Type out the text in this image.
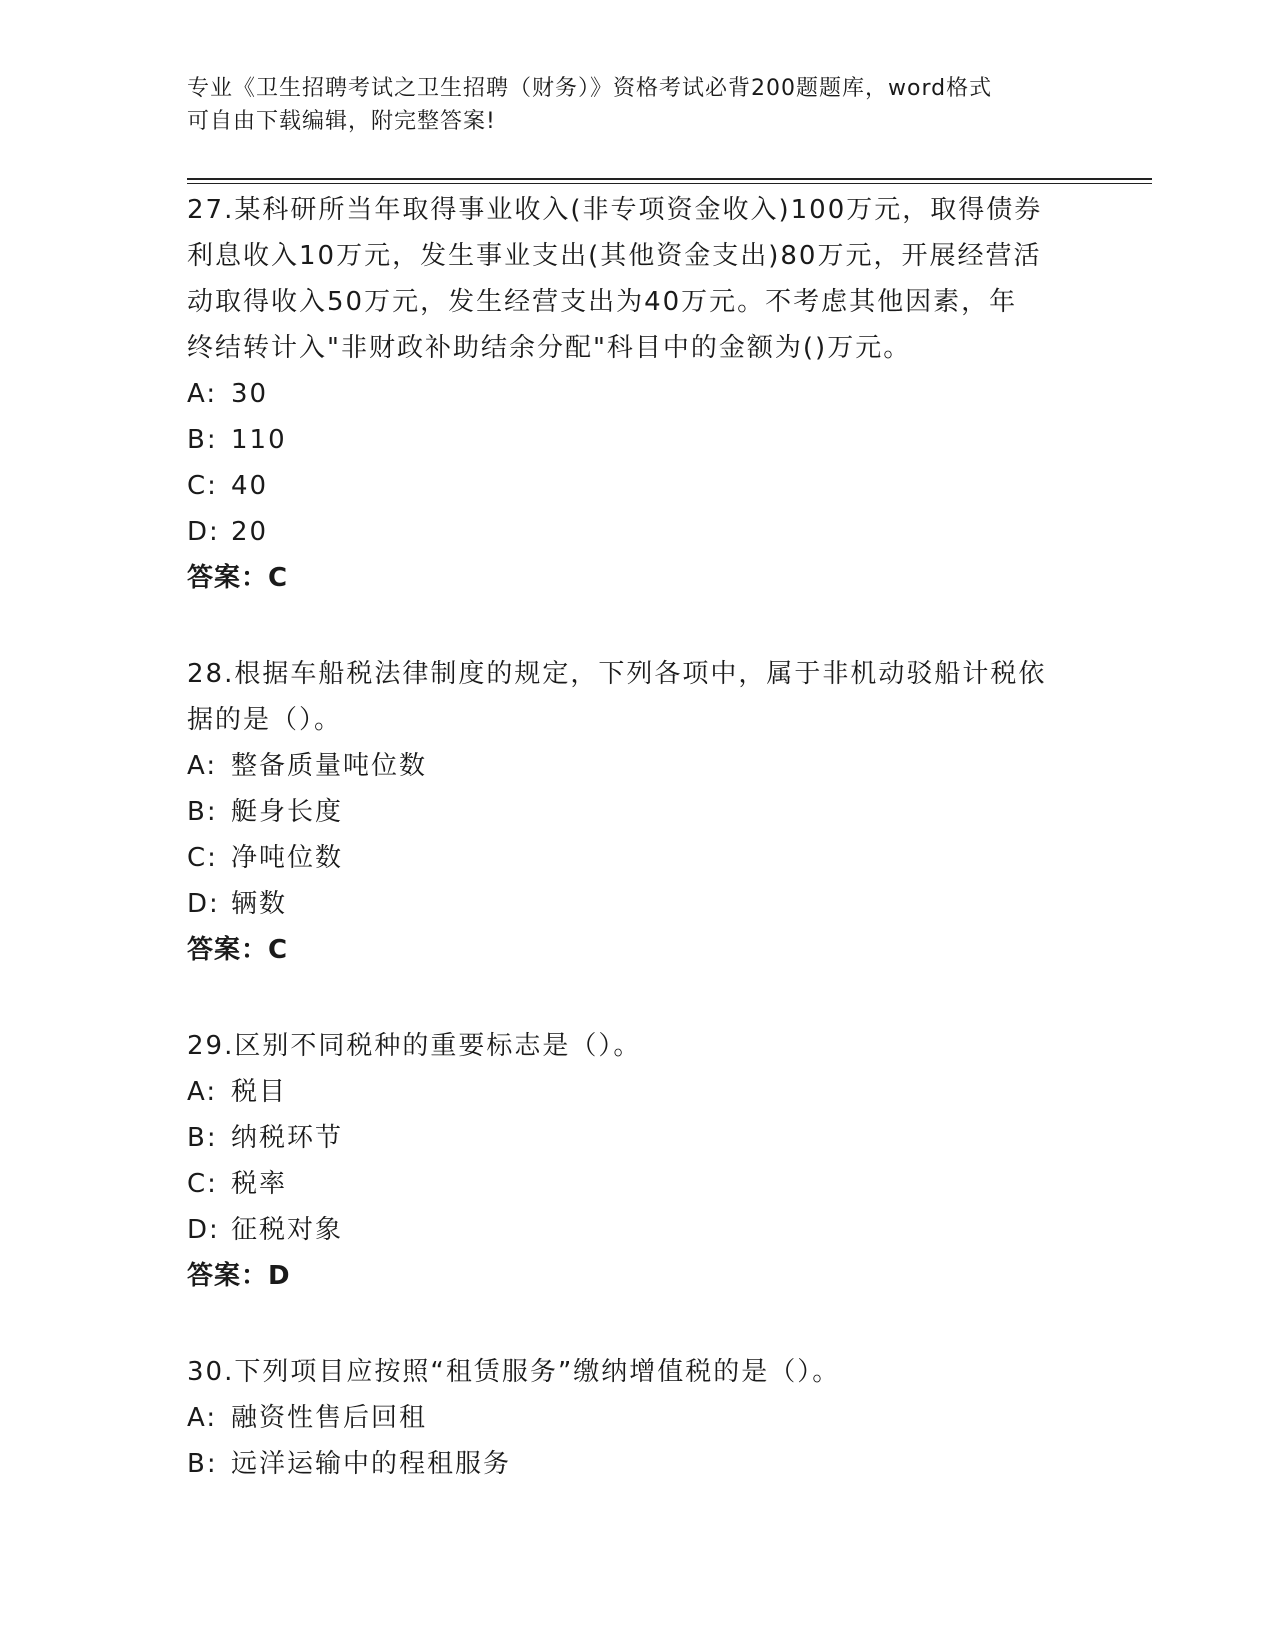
专业《卫生招聘考试之卫生招聘（财务）》资格考试必背200题题库，word格式
可自由下载编辑，附完整答案!
27.某科研所当年取得事业收入(非专项资金收入)100万元，取得债券
利息收入10万元，发生事业支出(其他资金支出)80万元，开展经营活
动取得收入50万元，发生经营支出为40万元。不考虑其他因素，年
终结转计入"非财政补助结余分配"科目中的金额为()万元。
A: 30
B: 110
C: 40
D: 20
答案：C
28.根据车船税法律制度的规定，下列各项中，属于非机动驳船计税依
据的是（）。
A: 整备质量吨位数
B: 艇身长度
C: 净吨位数
D: 辆数
答案：C
29.区别不同税种的重要标志是（）。
A: 税目
B: 纳税环节
C: 税率
D: 征税对象
答案：D
30.下列项目应按照“租赁服务”缴纳增值税的是（）。
A: 融资性售后回租
B: 远洋运输中的程租服务
